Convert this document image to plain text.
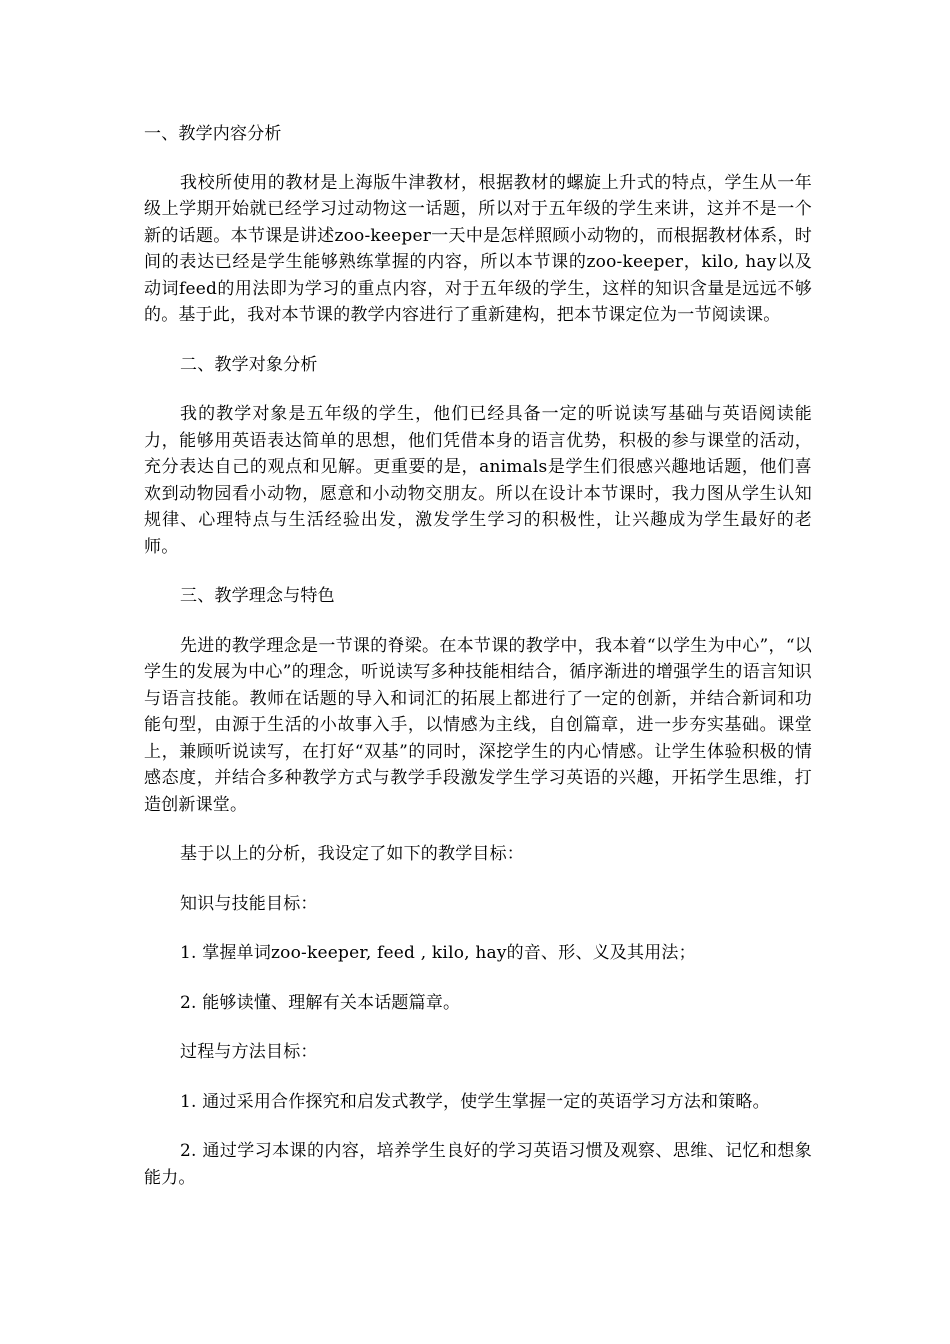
一、教学内容分析

我校所使用的教材是上海版牛津教材，根据教材的螺旋上升式的特点，学生从一年级上学期开始就已经学习过动物这一话题，所以对于五年级的学生来讲，这并不是一个新的话题。本节课是讲述zoo-keeper一天中是怎样照顾小动物的，而根据教材体系，时间的表达已经是学生能够熟练掌握的内容，所以本节课的zoo-keeper，kilo, hay以及动词feed的用法即为学习的重点内容，对于五年级的学生，这样的知识含量是远远不够的。基于此，我对本节课的教学内容进行了重新建构，把本节课定位为一节阅读课。

二、教学对象分析

我的教学对象是五年级的学生，他们已经具备一定的听说读写基础与英语阅读能力，能够用英语表达简单的思想，他们凭借本身的语言优势，积极的参与课堂的活动，充分表达自己的观点和见解。更重要的是，animals是学生们很感兴趣地话题，他们喜欢到动物园看小动物，愿意和小动物交朋友。所以在设计本节课时，我力图从学生认知规律、心理特点与生活经验出发，激发学生学习的积极性，让兴趣成为学生最好的老师。

三、教学理念与特色

先进的教学理念是一节课的脊梁。在本节课的教学中，我本着“以学生为中心”，“以学生的发展为中心”的理念，听说读写多种技能相结合，循序渐进的增强学生的语言知识与语言技能。教师在话题的导入和词汇的拓展上都进行了一定的创新，并结合新词和功能句型，由源于生活的小故事入手，以情感为主线，自创篇章，进一步夯实基础。课堂上，兼顾听说读写，在打好“双基”的同时，深挖学生的内心情感。让学生体验积极的情感态度，并结合多种教学方式与教学手段激发学生学习英语的兴趣，开拓学生思维，打造创新课堂。

基于以上的分析，我设定了如下的教学目标：

知识与技能目标：

1. 掌握单词zoo-keeper, feed , kilo, hay的音、形、义及其用法；

2. 能够读懂、理解有关本话题篇章。

过程与方法目标：

1. 通过采用合作探究和启发式教学，使学生掌握一定的英语学习方法和策略。

2. 通过学习本课的内容，培养学生良好的学习英语习惯及观察、思维、记忆和想象能力。
